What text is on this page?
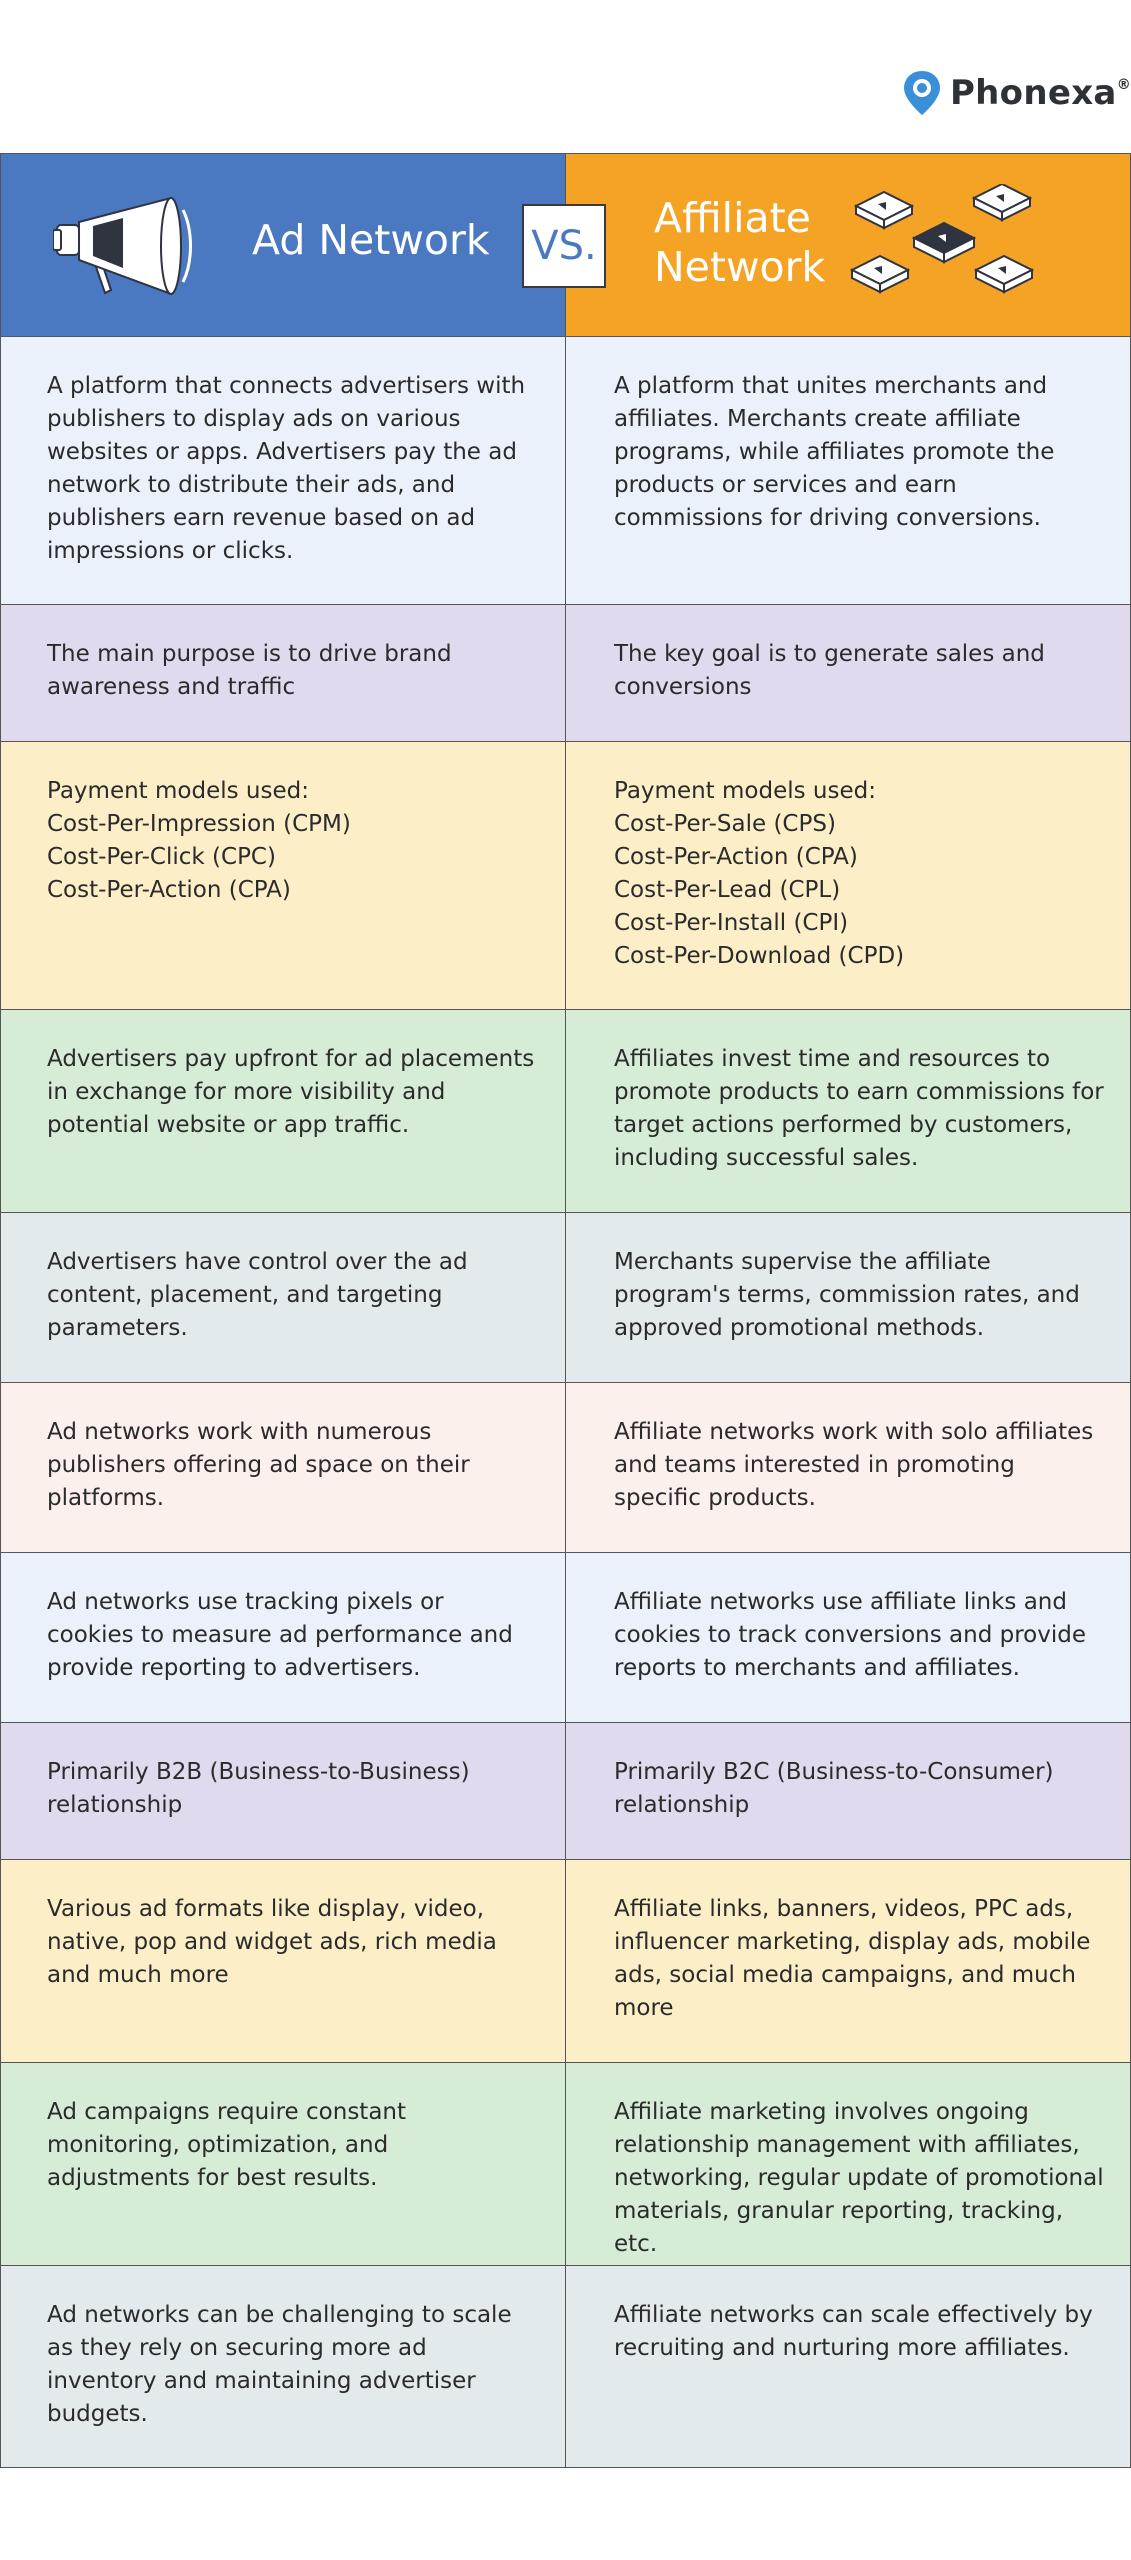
Phonexa®
Ad Network	Affiliate
Network
VS.
A platform that connects advertisers with publishers to display ads on various websites or apps. Advertisers pay the ad network to distribute their ads, and publishers earn revenue based on ad impressions or clicks.
A platform that unites merchants and affiliates. Merchants create affiliate programs, while affiliates promote the products or services and earn commissions for driving conversions.
The main purpose is to drive brand awareness and traffic
The key goal is to generate sales and conversions
Payment models used:
Cost-Per-Impression (CPM)
Cost-Per-Click (CPC)
Cost-Per-Action (CPA)
Payment models used:
Cost-Per-Sale (CPS)
Cost-Per-Action (CPA)
Cost-Per-Lead (CPL)
Cost-Per-Install (CPI)
Cost-Per-Download (CPD)
Advertisers pay upfront for ad placements in exchange for more visibility and potential website or app traffic.
Affiliates invest time and resources to promote products to earn commissions for target actions performed by customers, including successful sales.
Advertisers have control over the ad content, placement, and targeting parameters.
Merchants supervise the affiliate program's terms, commission rates, and approved promotional methods.
Ad networks work with numerous publishers offering ad space on their platforms.
Affiliate networks work with solo affiliates and teams interested in promoting specific products.
Ad networks use tracking pixels or cookies to measure ad performance and provide reporting to advertisers.
Affiliate networks use affiliate links and cookies to track conversions and provide reports to merchants and affiliates.
Primarily B2B (Business-to-Business) relationship
Primarily B2C (Business-to-Consumer) relationship
Various ad formats like display, video, native, pop and widget ads, rich media and much more
Affiliate links, banners, videos, PPC ads, influencer marketing, display ads, mobile ads, social media campaigns, and much more
Ad campaigns require constant monitoring, optimization, and adjustments for best results.
Affiliate marketing involves ongoing relationship management with affiliates, networking, regular update of promotional materials, granular reporting, tracking, etc.
Ad networks can be challenging to scale as they rely on securing more ad inventory and maintaining advertiser budgets.
Affiliate networks can scale effectively by recruiting and nurturing more affiliates.
